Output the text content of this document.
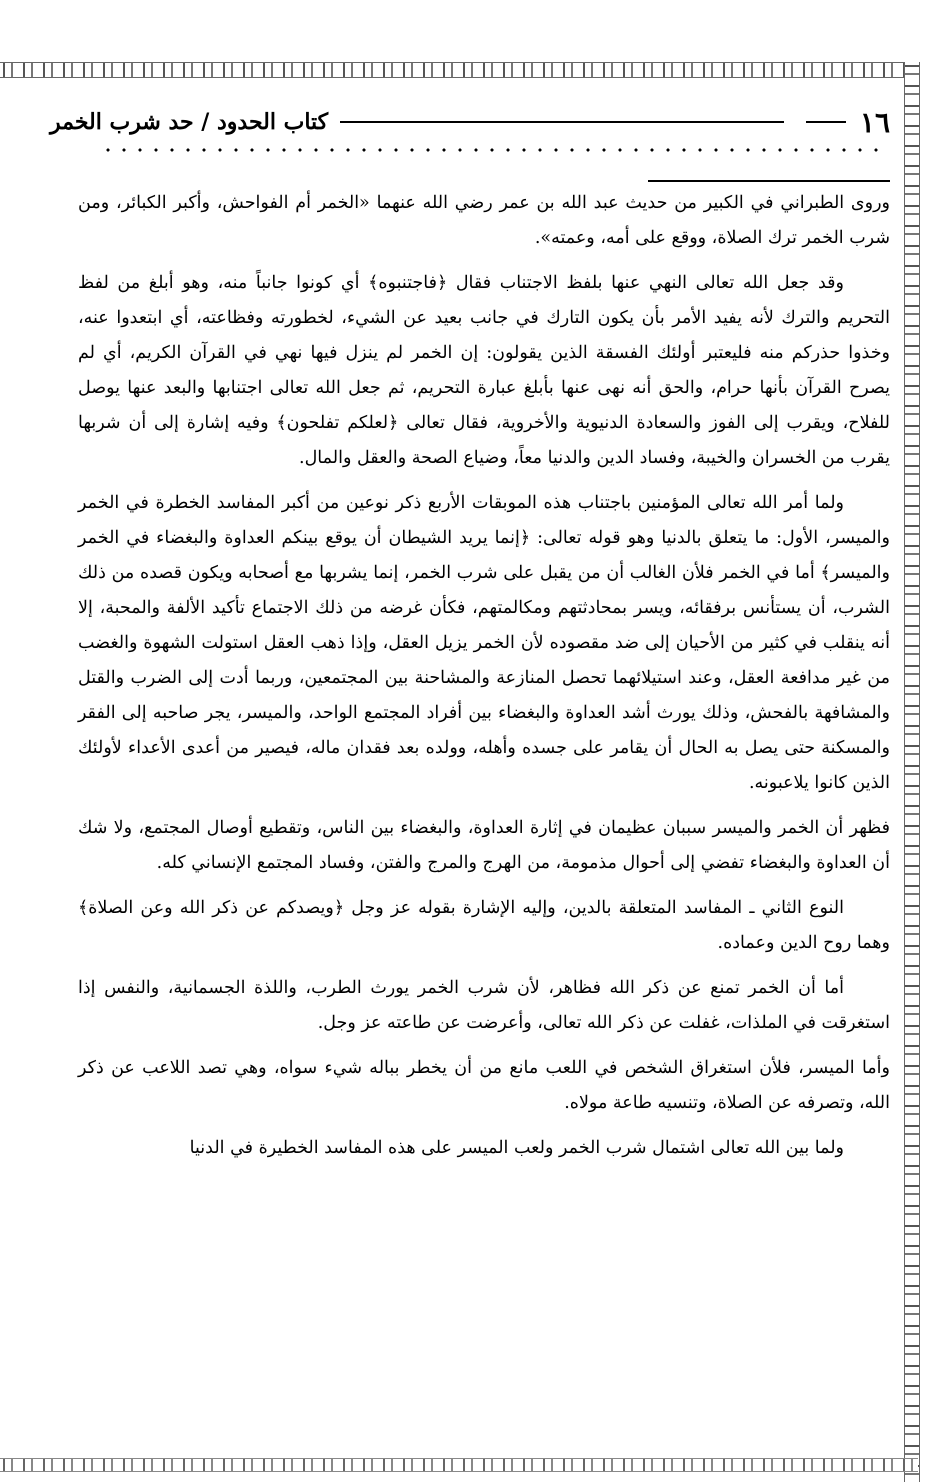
١٦
كتاب الحدود / حد شرب الخمر

وروى الطبراني في الكبير من حديث عبد الله بن عمر رضي الله عنهما «الخمر أم الفواحش، وأكبر الكبائر، ومن شرب الخمر ترك الصلاة، ووقع على أمه، وعمته».

وقد جعل الله تعالى النهي عنها بلفظ الاجتناب فقال ﴿فاجتنبوه﴾ أي كونوا جانباً منه، وهو أبلغ من لفظ التحريم والترك لأنه يفيد الأمر بأن يكون التارك في جانب بعيد عن الشيء، لخطورته وفظاعته، أي ابتعدوا عنه، وخذوا حذركم منه فليعتبر أولئك الفسقة الذين يقولون: إن الخمر لم ينزل فيها نهي في القرآن الكريم، أي لم يصرح القرآن بأنها حرام، والحق أنه نهى عنها بأبلغ عبارة التحريم، ثم جعل الله تعالى اجتنابها والبعد عنها يوصل للفلاح، ويقرب إلى الفوز والسعادة الدنيوية والأخروية، فقال تعالى ﴿لعلكم تفلحون﴾ وفيه إشارة إلى أن شربها يقرب من الخسران والخيبة، وفساد الدين والدنيا معاً، وضياع الصحة والعقل والمال.

ولما أمر الله تعالى المؤمنين باجتناب هذه الموبقات الأربع ذكر نوعين من أكبر المفاسد الخطرة في الخمر والميسر، الأول: ما يتعلق بالدنيا وهو قوله تعالى: ﴿إنما يريد الشيطان أن يوقع بينكم العداوة والبغضاء في الخمر والميسر﴾ أما في الخمر فلأن الغالب أن من يقبل على شرب الخمر، إنما يشربها مع أصحابه ويكون قصده من ذلك الشرب، أن يستأنس برفقائه، ويسر بمحادثتهم ومكالمتهم، فكأن غرضه من ذلك الاجتماع تأكيد الألفة والمحبة، إلا أنه ينقلب في كثير من الأحيان إلى ضد مقصوده لأن الخمر يزيل العقل، وإذا ذهب العقل استولت الشهوة والغضب من غير مدافعة العقل، وعند استيلائهما تحصل المنازعة والمشاحنة بين المجتمعين، وربما أدت إلى الضرب والقتل والمشافهة بالفحش، وذلك يورث أشد العداوة والبغضاء بين أفراد المجتمع الواحد، والميسر، يجر صاحبه إلى الفقر والمسكنة حتى يصل به الحال أن يقامر على جسده وأهله، وولده بعد فقدان ماله، فيصير من أعدى الأعداء لأولئك الذين كانوا يلاعبونه.

فظهر أن الخمر والميسر سببان عظيمان في إثارة العداوة، والبغضاء بين الناس، وتقطيع أوصال المجتمع، ولا شك أن العداوة والبغضاء تفضي إلى أحوال مذمومة، من الهرج والمرج والفتن، وفساد المجتمع الإنساني كله.

النوع الثاني ـ المفاسد المتعلقة بالدين، وإليه الإشارة بقوله عز وجل ﴿ويصدكم عن ذكر الله وعن الصلاة﴾ وهما روح الدين وعماده.

أما أن الخمر تمنع عن ذكر الله فظاهر، لأن شرب الخمر يورث الطرب، واللذة الجسمانية، والنفس إذا استغرقت في الملذات، غفلت عن ذكر الله تعالى، وأعرضت عن طاعته عز وجل.

وأما الميسر، فلأن استغراق الشخص في اللعب مانع من أن يخطر بباله شيء سواه، وهي تصد اللاعب عن ذكر الله، وتصرفه عن الصلاة، وتنسيه طاعة مولاه.

ولما بين الله تعالى اشتمال شرب الخمر ولعب الميسر على هذه المفاسد الخطيرة في الدنيا
